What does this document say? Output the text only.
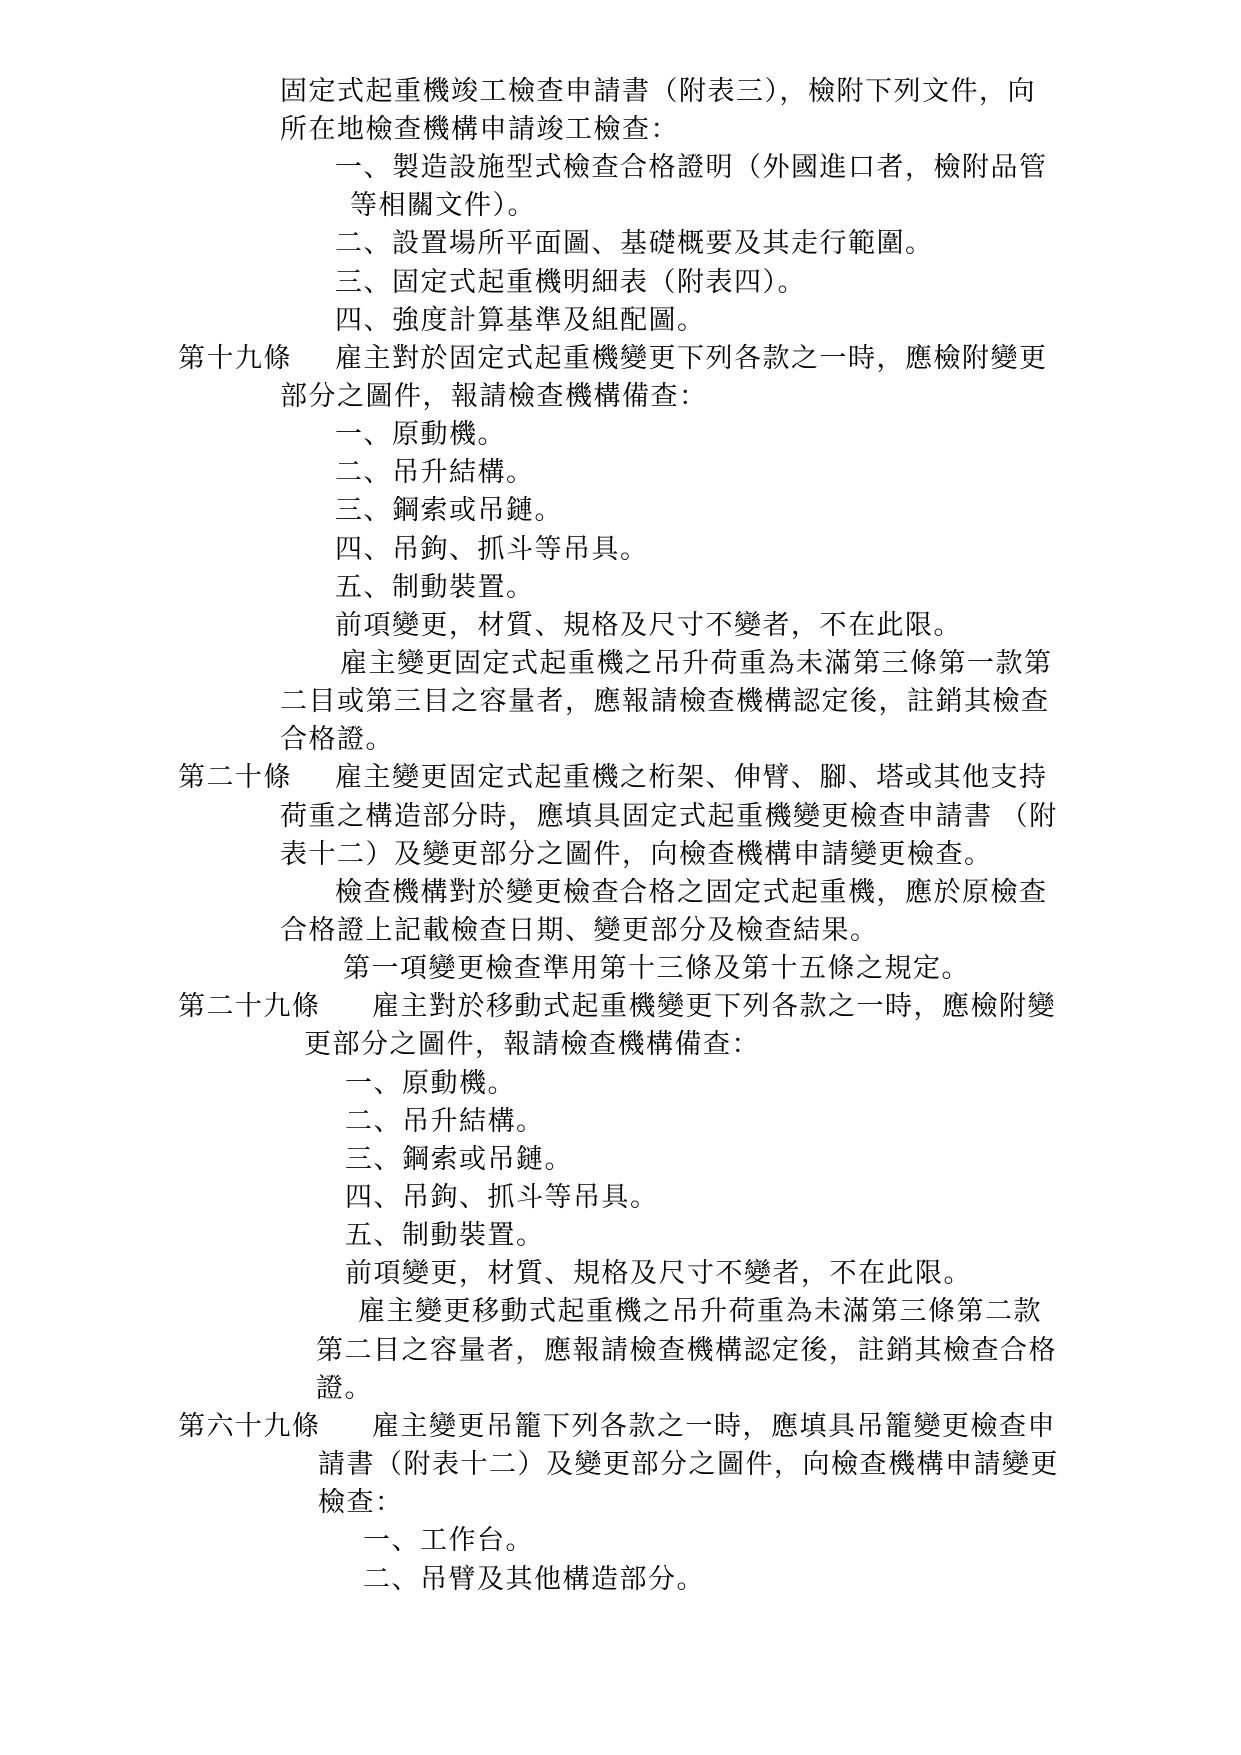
固定式起重機竣工檢查申請書（附表三），檢附下列文件，向
所在地檢查機構申請竣工檢查：
一、製造設施型式檢查合格證明（外國進口者，檢附品管
等相關文件）。
二、設置場所平面圖、基礎概要及其走行範圍。
三、固定式起重機明細表（附表四）。
四、強度計算基準及組配圖。
第十九條 雇主對於固定式起重機變更下列各款之一時，應檢附變更
部分之圖件，報請檢查機構備查：
一、原動機。
二、吊升結構。
三、鋼索或吊鏈。
四、吊鉤、抓斗等吊具。
五、制動裝置。
前項變更，材質、規格及尺寸不變者，不在此限。
雇主變更固定式起重機之吊升荷重為未滿第三條第一款第
二目或第三目之容量者，應報請檢查機構認定後，註銷其檢查
合格證。
第二十條 雇主變更固定式起重機之桁架、伸臂、腳、塔或其他支持
荷重之構造部分時，應填具固定式起重機變更檢查申請書 （附
表十二）及變更部分之圖件，向檢查機構申請變更檢查。
檢查機構對於變更檢查合格之固定式起重機，應於原檢查
合格證上記載檢查日期、變更部分及檢查結果。
第一項變更檢查準用第十三條及第十五條之規定。
第二十九條 雇主對於移動式起重機變更下列各款之一時，應檢附變
更部分之圖件，報請檢查機構備查：
一、原動機。
二、吊升結構。
三、鋼索或吊鏈。
四、吊鉤、抓斗等吊具。
五、制動裝置。
前項變更，材質、規格及尺寸不變者，不在此限。
雇主變更移動式起重機之吊升荷重為未滿第三條第二款
第二目之容量者，應報請檢查機構認定後，註銷其檢查合格
證。
第六十九條 雇主變更吊籠下列各款之一時，應填具吊籠變更檢查申
請書（附表十二）及變更部分之圖件，向檢查機構申請變更
檢查：
一、工作台。
二、吊臂及其他構造部分。
